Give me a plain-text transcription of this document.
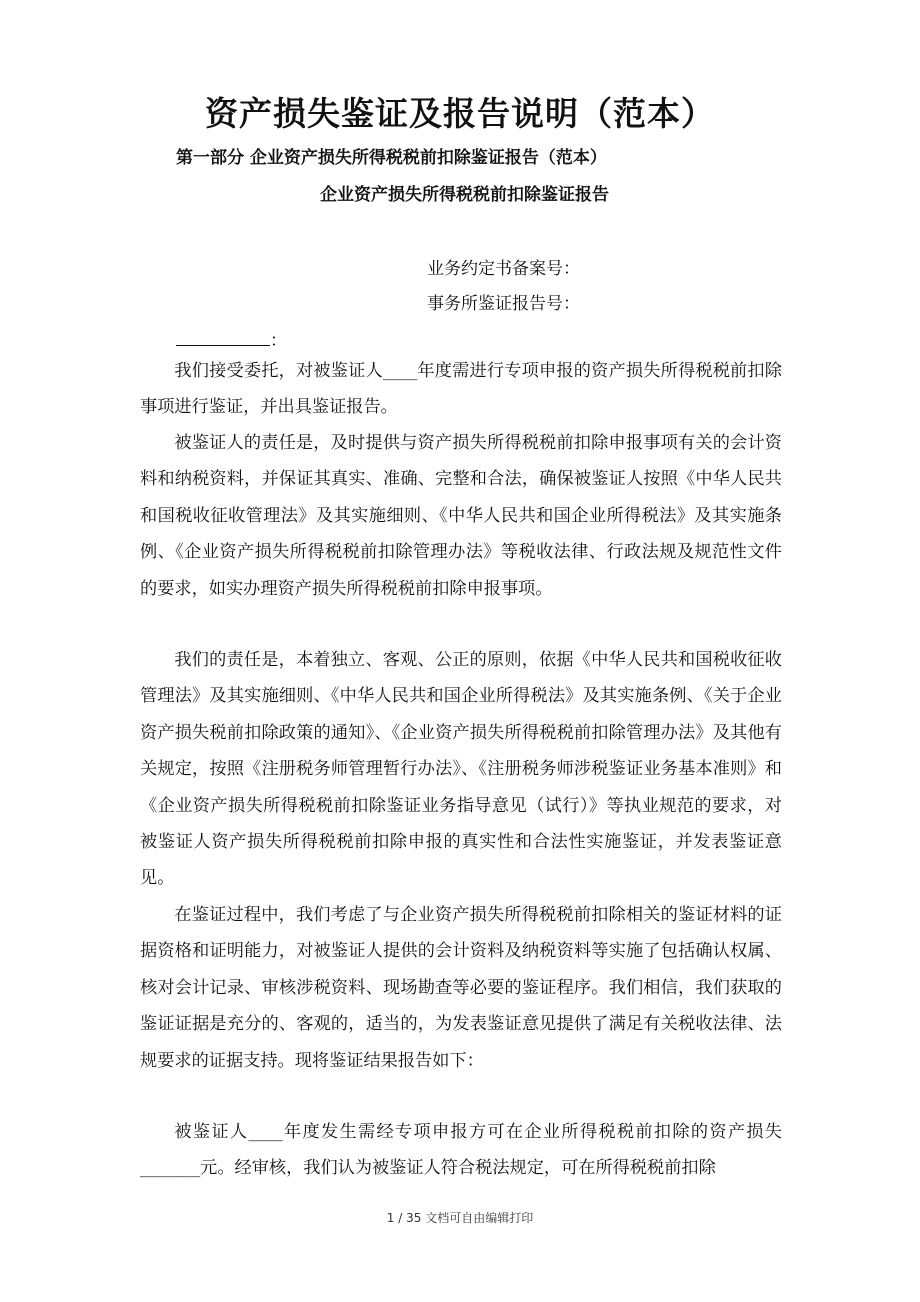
资产损失鉴证及报告说明（范本）
第一部分 企业资产损失所得税税前扣除鉴证报告（范本）
企业资产损失所得税税前扣除鉴证报告
业务约定书备案号：
事务所鉴证报告号：
：
我们接受委托，对被鉴证人____年度需进行专项申报的资产损失所得税税前扣除事项进行鉴证，并出具鉴证报告。
被鉴证人的责任是，及时提供与资产损失所得税税前扣除申报事项有关的会计资料和纳税资料，并保证其真实、准确、完整和合法，确保被鉴证人按照《中华人民共和国税收征收管理法》及其实施细则、《中华人民共和国企业所得税法》及其实施条例、《企业资产损失所得税税前扣除管理办法》等税收法律、行政法规及规范性文件的要求，如实办理资产损失所得税税前扣除申报事项。
我们的责任是，本着独立、客观、公正的原则，依据《中华人民共和国税收征收管理法》及其实施细则、《中华人民共和国企业所得税法》及其实施条例、《关于企业资产损失税前扣除政策的通知》、《企业资产损失所得税税前扣除管理办法》及其他有关规定，按照《注册税务师管理暂行办法》、《注册税务师涉税鉴证业务基本准则》和《企业资产损失所得税税前扣除鉴证业务指导意见（试行）》等执业规范的要求，对被鉴证人资产损失所得税税前扣除申报的真实性和合法性实施鉴证，并发表鉴证意见。
在鉴证过程中，我们考虑了与企业资产损失所得税税前扣除相关的鉴证材料的证据资格和证明能力，对被鉴证人提供的会计资料及纳税资料等实施了包括确认权属、核对会计记录、审核涉税资料、现场勘查等必要的鉴证程序。我们相信，我们获取的鉴证证据是充分的、客观的，适当的，为发表鉴证意见提供了满足有关税收法律、法规要求的证据支持。现将鉴证结果报告如下：
被鉴证人____年度发生需经专项申报方可在企业所得税税前扣除的资产损失_______元。经审核，我们认为被鉴证人符合税法规定，可在所得税税前扣除
1 / 35 文档可自由编辑打印
